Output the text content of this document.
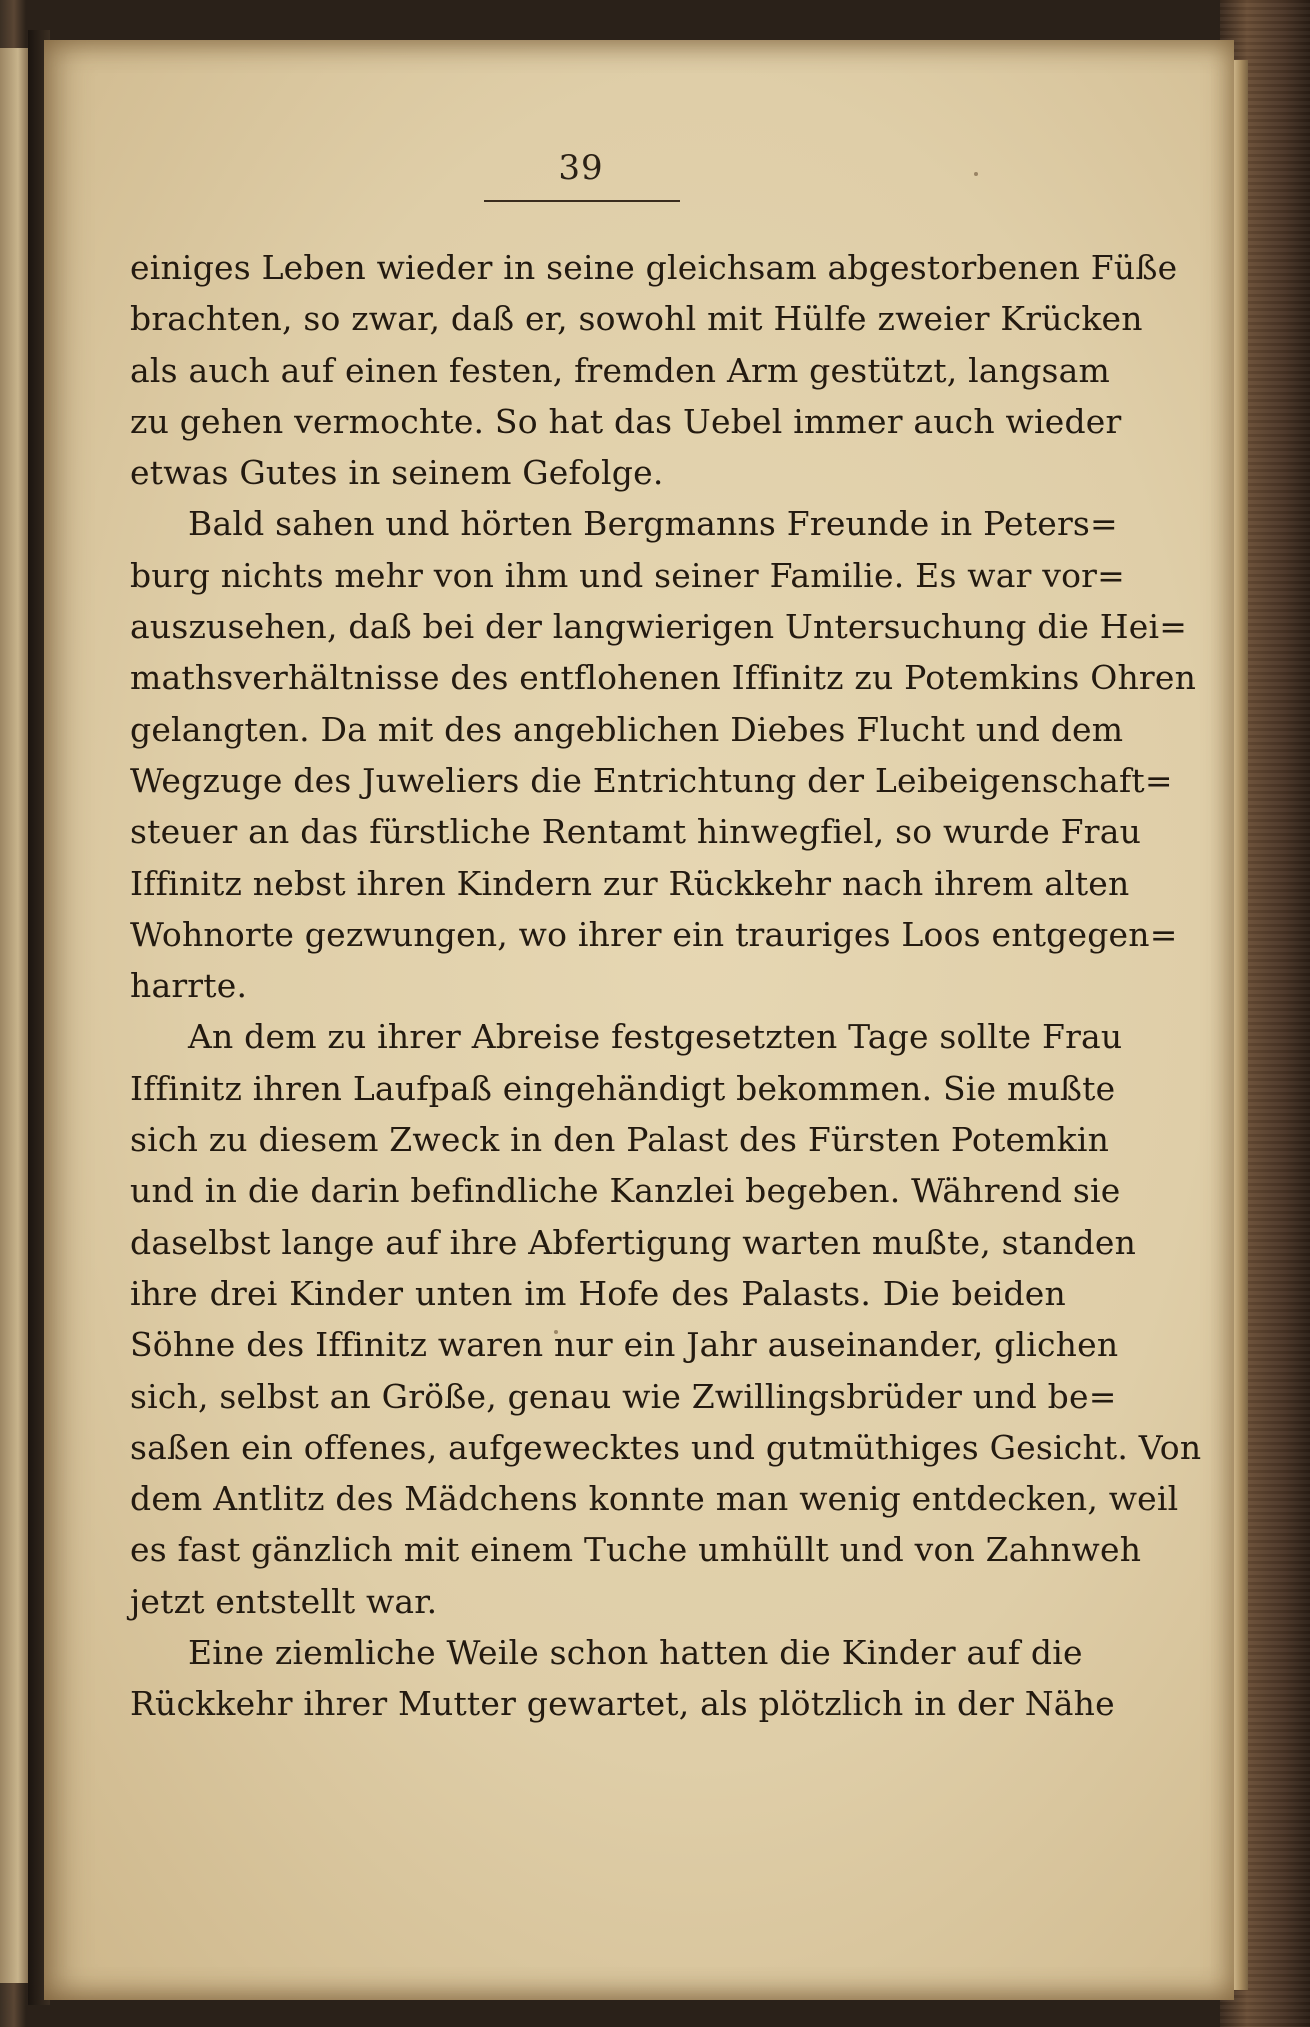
39
einiges Leben wieder in seine gleichsam abgestorbenen Füße
brachten, so zwar, daß er, sowohl mit Hülfe zweier Krücken
als auch auf einen festen, fremden Arm gestützt, langsam
zu gehen vermochte. So hat das Uebel immer auch wieder
etwas Gutes in seinem Gefolge.
Bald sahen und hörten Bergmanns Freunde in Peters=
burg nichts mehr von ihm und seiner Familie. Es war vor=
auszusehen, daß bei der langwierigen Untersuchung die Hei=
mathsverhältnisse des entflohenen Iffinitz zu Potemkins Ohren
gelangten. Da mit des angeblichen Diebes Flucht und dem
Wegzuge des Juweliers die Entrichtung der Leibeigenschaft=
steuer an das fürstliche Rentamt hinwegfiel, so wurde Frau
Iffinitz nebst ihren Kindern zur Rückkehr nach ihrem alten
Wohnorte gezwungen, wo ihrer ein trauriges Loos entgegen=
harrte.
An dem zu ihrer Abreise festgesetzten Tage sollte Frau
Iffinitz ihren Laufpaß eingehändigt bekommen. Sie mußte
sich zu diesem Zweck in den Palast des Fürsten Potemkin
und in die darin befindliche Kanzlei begeben. Während sie
daselbst lange auf ihre Abfertigung warten mußte, standen
ihre drei Kinder unten im Hofe des Palasts. Die beiden
Söhne des Iffinitz waren nur ein Jahr auseinander, glichen
sich, selbst an Größe, genau wie Zwillingsbrüder und be=
saßen ein offenes, aufgewecktes und gutmüthiges Gesicht. Von
dem Antlitz des Mädchens konnte man wenig entdecken, weil
es fast gänzlich mit einem Tuche umhüllt und von Zahnweh
jetzt entstellt war.
Eine ziemliche Weile schon hatten die Kinder auf die
Rückkehr ihrer Mutter gewartet, als plötzlich in der Nähe
